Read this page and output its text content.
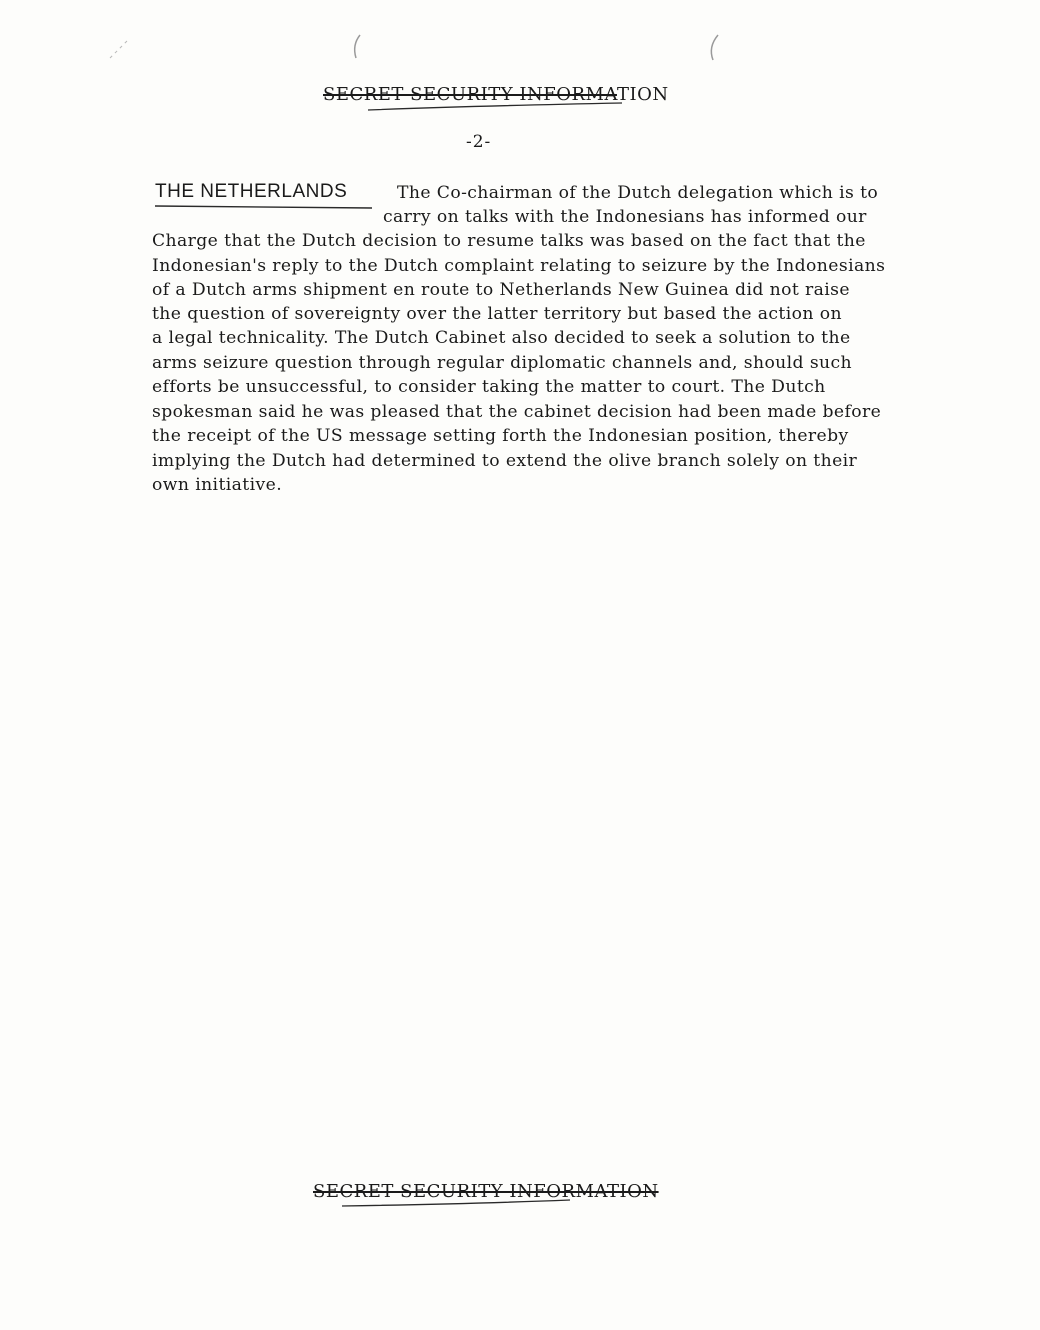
SECRET SECURITY INFORMATION
-2-
THE NETHERLANDS	The Co-chairman of the Dutch delegation which is to
carry on talks with the Indonesians has informed our
Charge that the Dutch decision to resume talks was based on the fact that the
Indonesian's reply to the Dutch complaint relating to seizure by the Indonesians
of a Dutch arms shipment en route to Netherlands New Guinea did not raise
the question of sovereignty over the latter territory but based the action on
a legal technicality. The Dutch Cabinet also decided to seek a solution to the
arms seizure question through regular diplomatic channels and, should such
efforts be unsuccessful, to consider taking the matter to court. The Dutch
spokesman said he was pleased that the cabinet decision had been made before
the receipt of the US message setting forth the Indonesian position, thereby
implying the Dutch had determined to extend the olive branch solely on their
own initiative.
SECRET SECURITY INFORMATION
